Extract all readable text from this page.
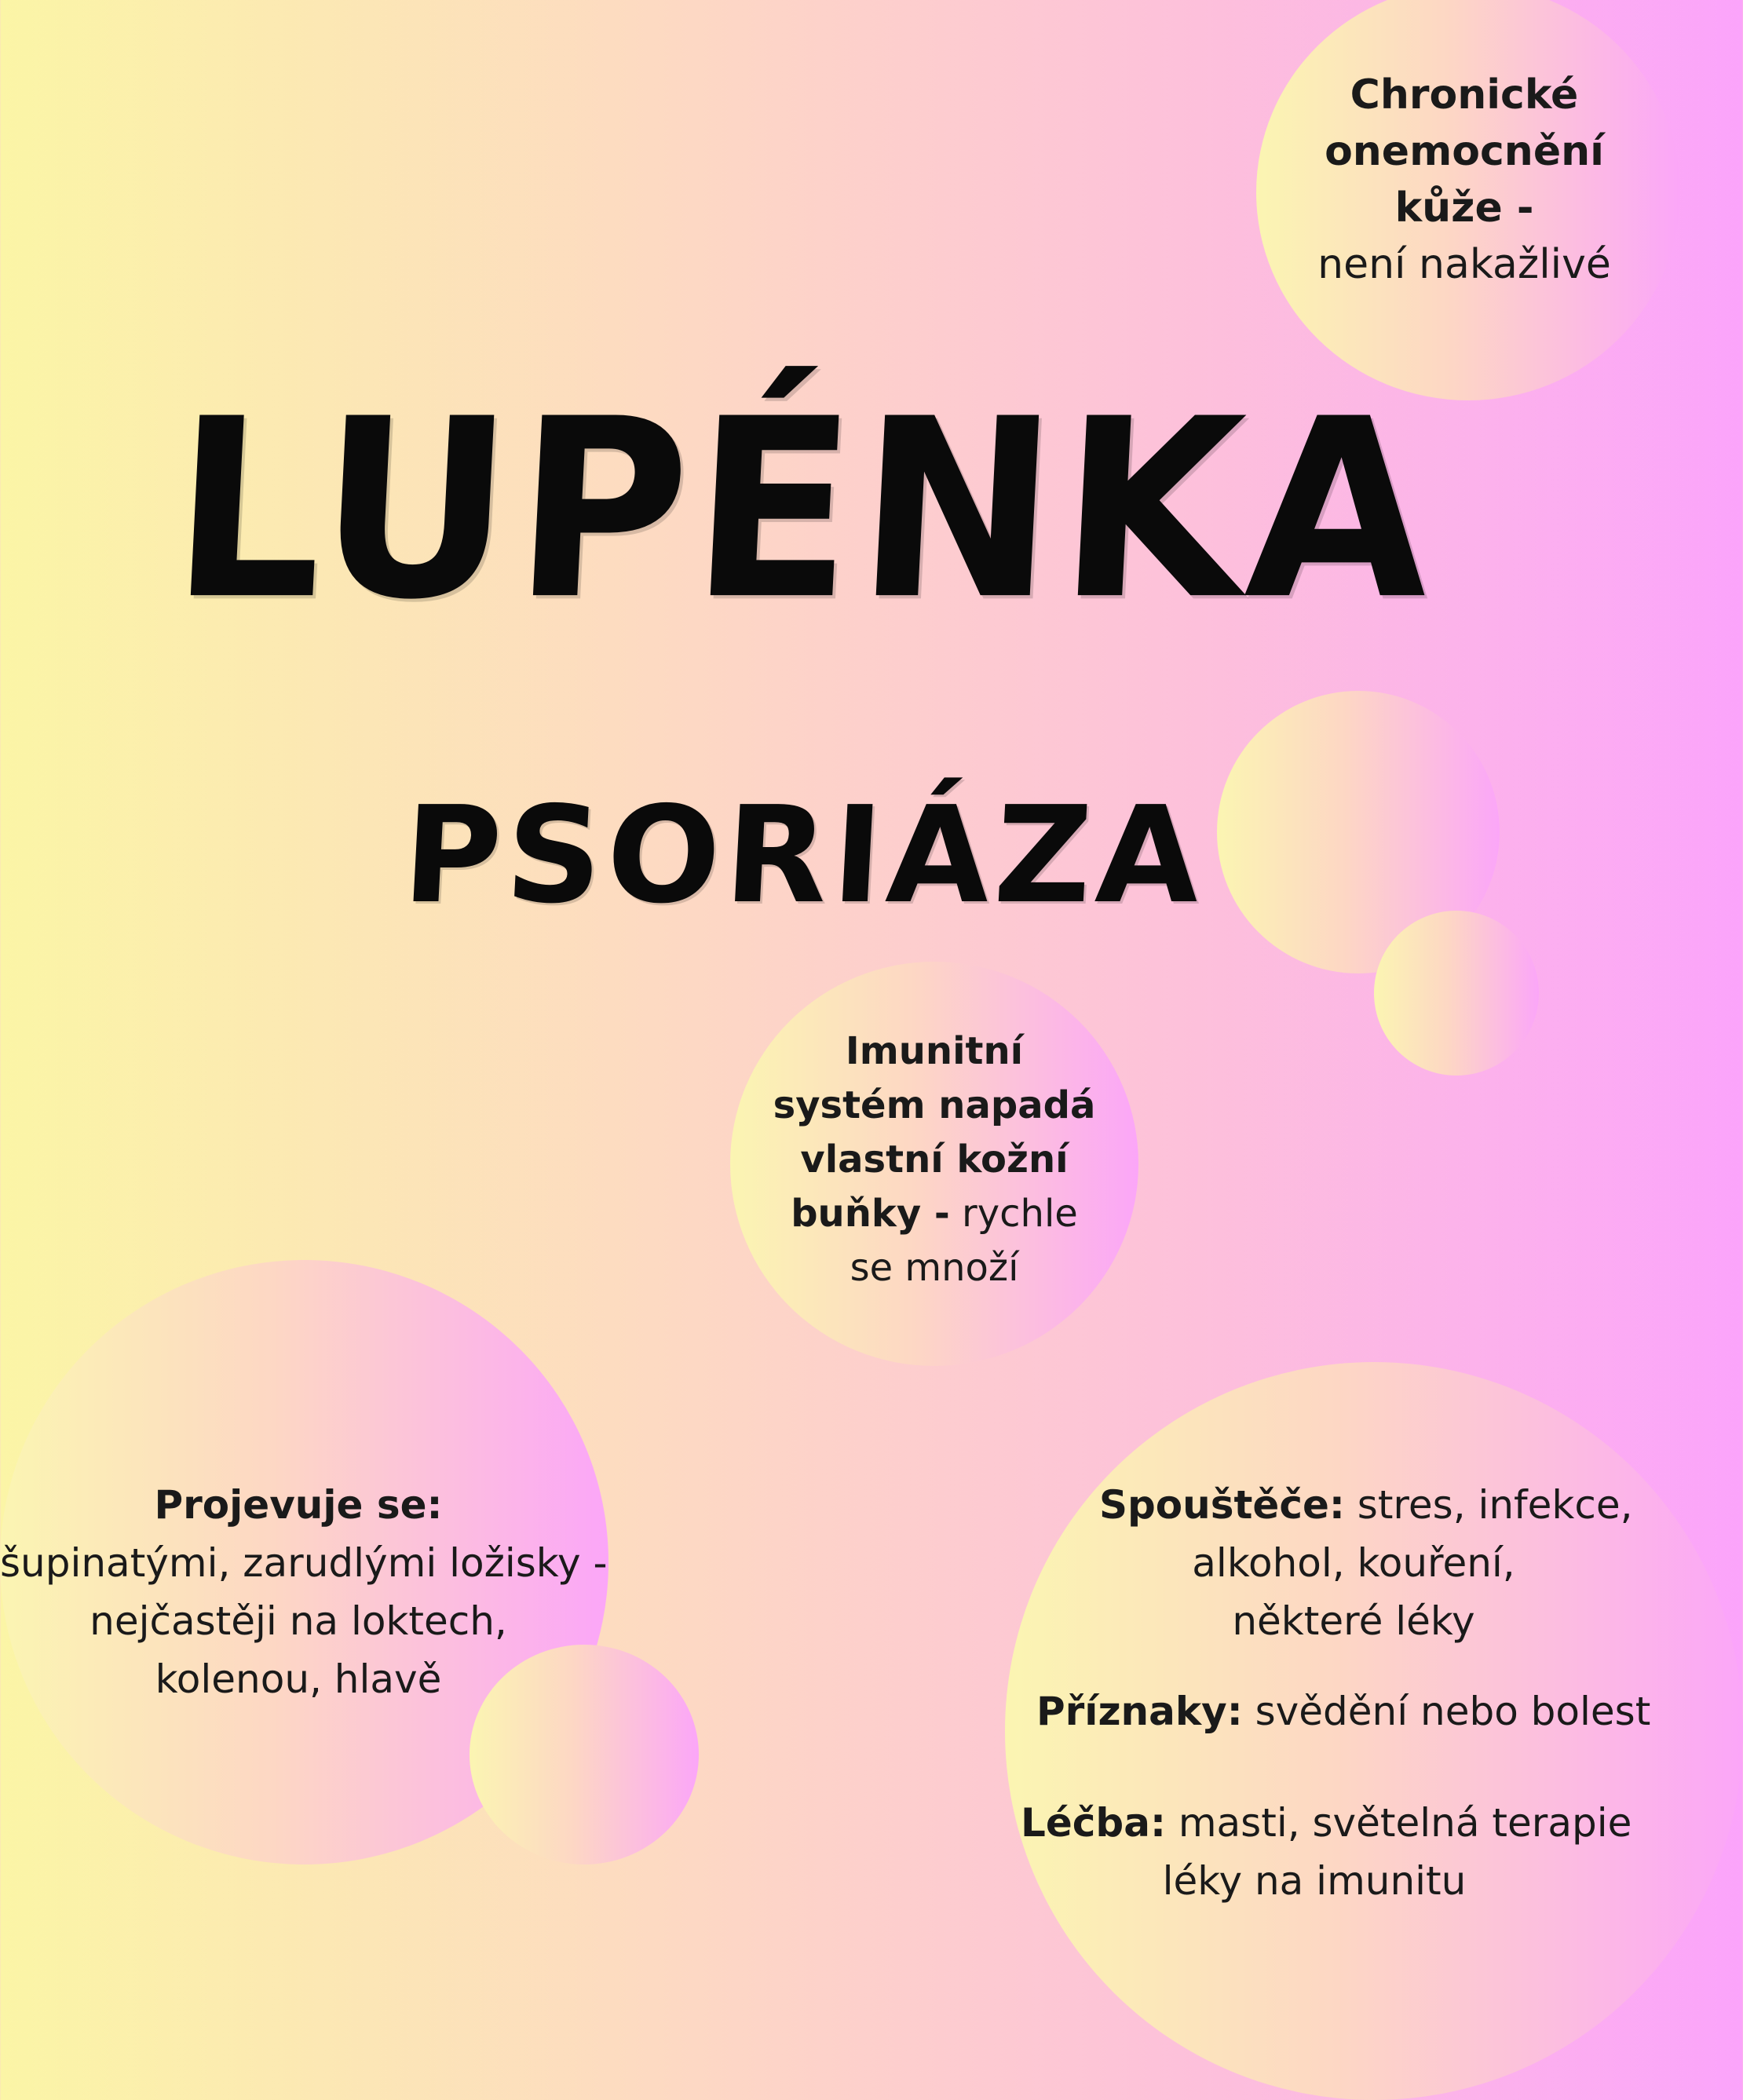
Chronické
onemocnění
kůže -
není nakažlivé
LUPÉNKA
PSORIÁZA
Imunitní
systém napadá
vlastní kožní
buňky - rychle
se množí
Projevuje se:
šupinatými, zarudlými ložisky -
nejčastěji na loktech,
kolenou, hlavě
Spouštěče: stres, infekce,
alkohol, kouření,
některé léky
Příznaky: svědění nebo bolest
Léčba: masti, světelná terapie
léky na imunitu
